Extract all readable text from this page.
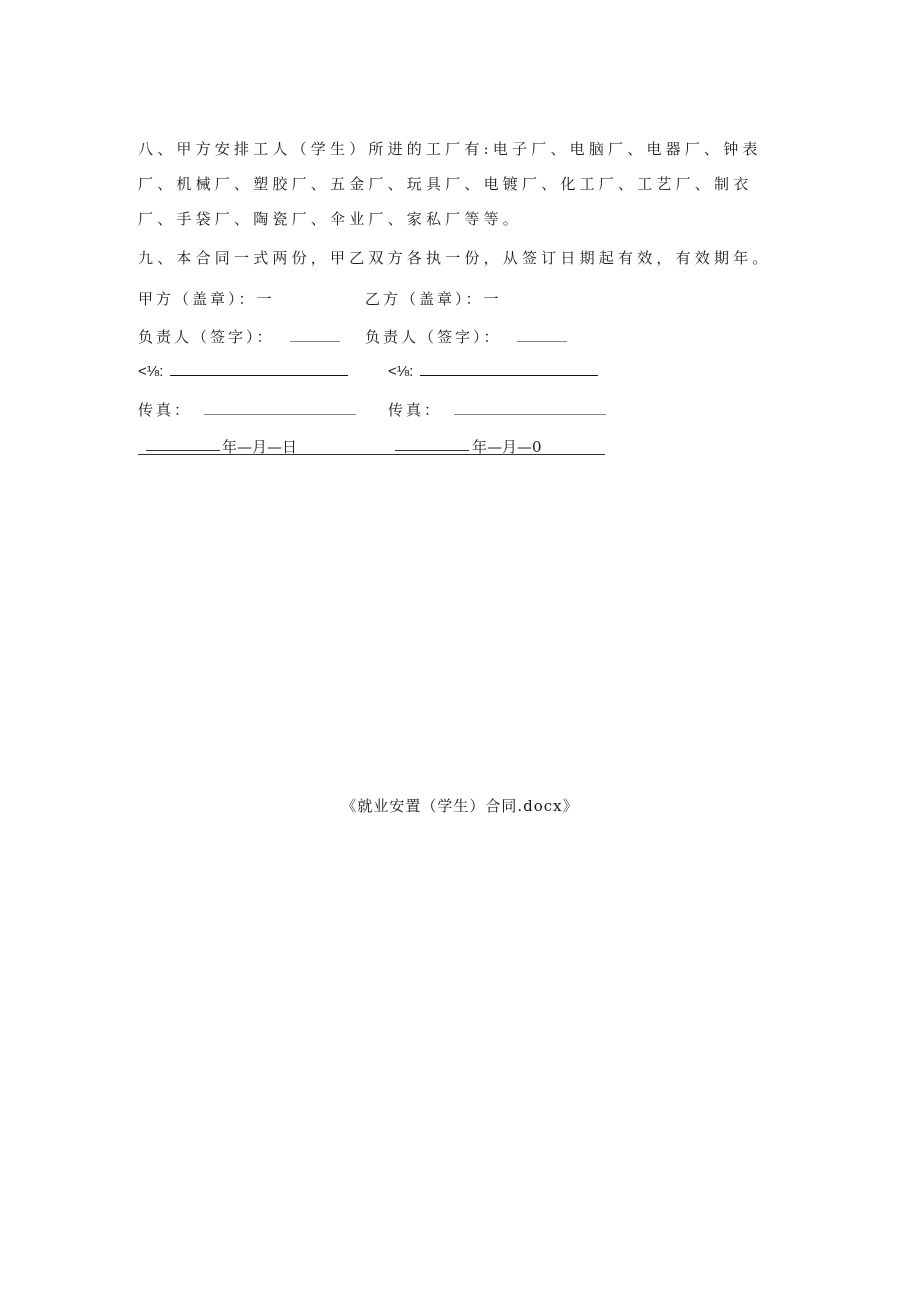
八、甲方安排工人（学生）所进的工厂有:电子厂、电脑厂、电器厂、钟表厂、机械厂、塑胶厂、五金厂、玩具厂、电镀厂、化工厂、工艺厂、制衣厂、手袋厂、陶瓷厂、伞业厂、家私厂等等。
九、本合同一式两份，甲乙双方各执一份，从签订日期起有效，有效期年。
甲方（盖章）：一	乙方（盖章）：一
负责人（签字）：	负责人（签字）：
<⅛:	<⅛:
传真：	传真：
年—月—日	年—月—0
《就业安置（学生）合同.docx》
